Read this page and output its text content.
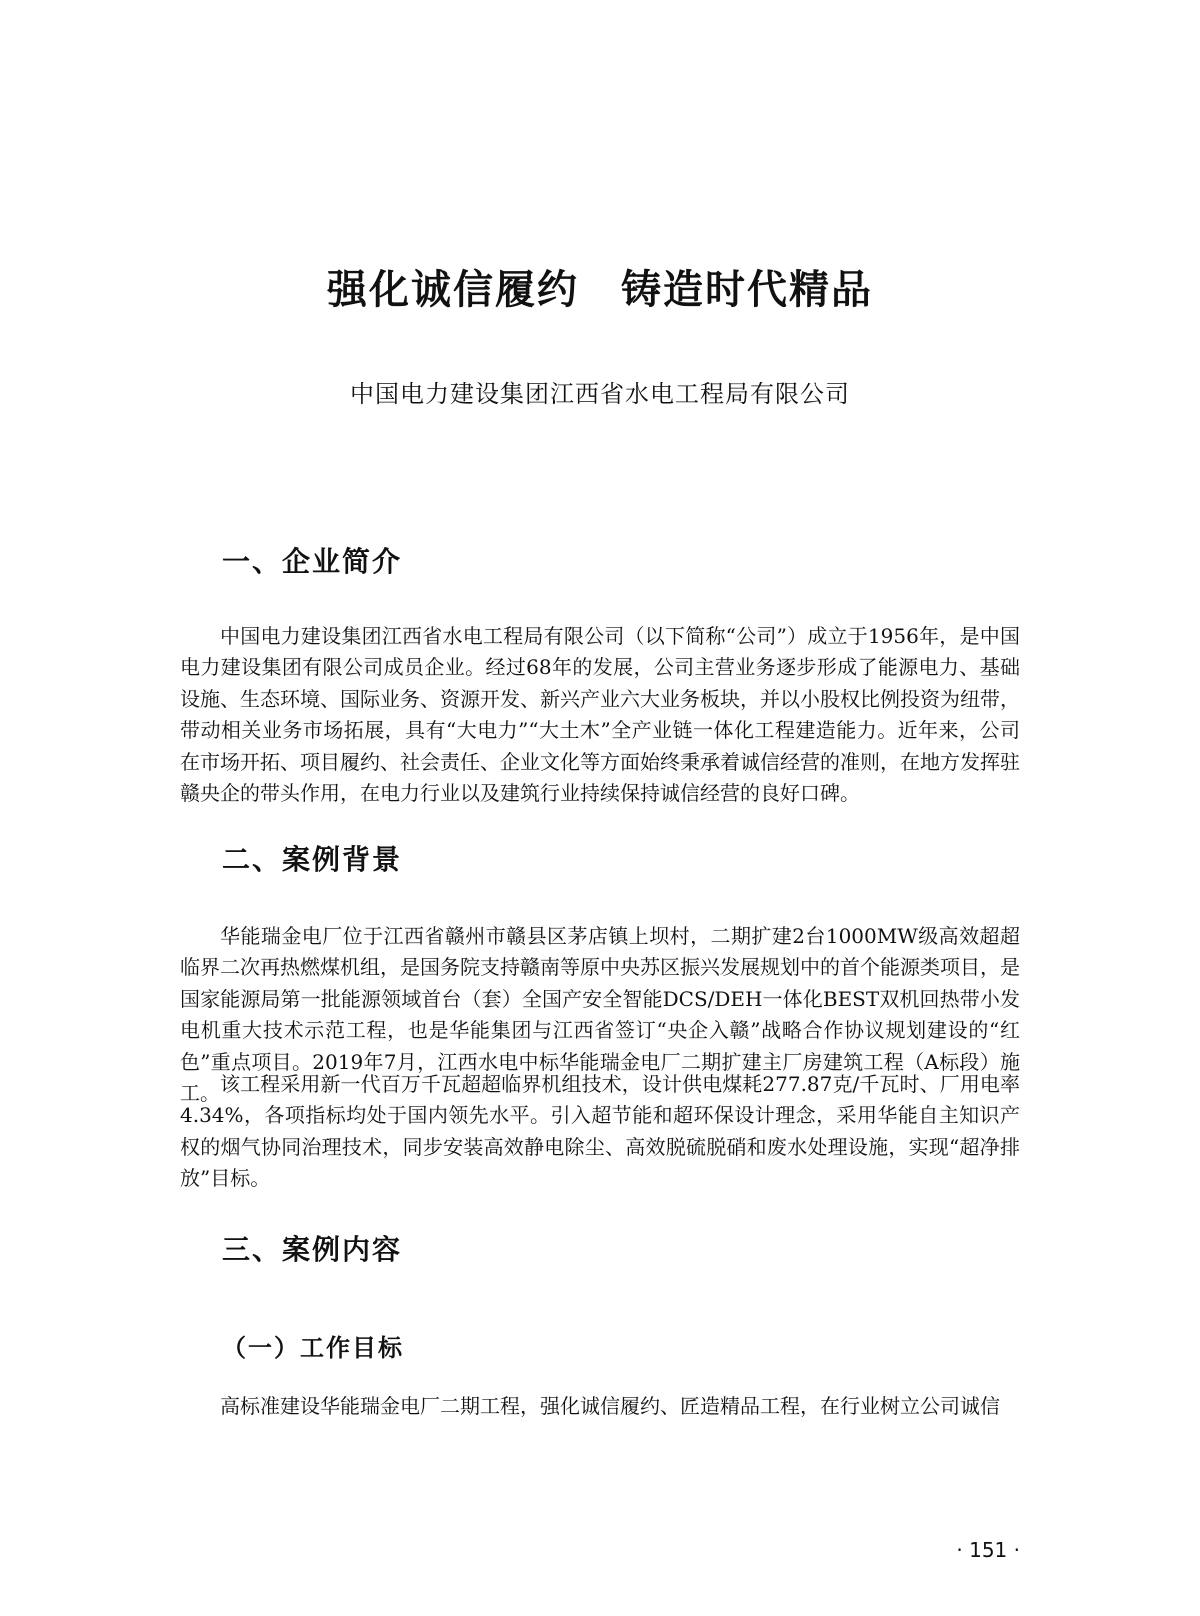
强化诚信履约　铸造时代精品

中国电力建设集团江西省水电工程局有限公司

一、企业简介

中国电力建设集团江西省水电工程局有限公司（以下简称“公司”）成立于1956年，是中国电力建设集团有限公司成员企业。经过68年的发展，公司主营业务逐步形成了能源电力、基础设施、生态环境、国际业务、资源开发、新兴产业六大业务板块，并以小股权比例投资为纽带，带动相关业务市场拓展，具有“大电力”“大土木”全产业链一体化工程建造能力。近年来，公司在市场开拓、项目履约、社会责任、企业文化等方面始终秉承着诚信经营的准则，在地方发挥驻赣央企的带头作用，在电力行业以及建筑行业持续保持诚信经营的良好口碑。

二、案例背景

华能瑞金电厂位于江西省赣州市赣县区茅店镇上坝村，二期扩建2台1000MW级高效超超临界二次再热燃煤机组，是国务院支持赣南等原中央苏区振兴发展规划中的首个能源类项目，是国家能源局第一批能源领域首台（套）全国产安全智能DCS/DEH一体化BEST双机回热带小发电机重大技术示范工程，也是华能集团与江西省签订“央企入赣”战略合作协议规划建设的“红色”重点项目。2019年7月，江西水电中标华能瑞金电厂二期扩建主厂房建筑工程（A标段）施工。 该工程采用新一代百万千瓦超超临界机组技术，设计供电煤耗277.87克/千瓦时、厂用电率4.34%，各项指标均处于国内领先水平。引入超节能和超环保设计理念，采用华能自主知识产权的烟气协同治理技术，同步安装高效静电除尘、高效脱硫脱硝和废水处理设施，实现“超净排放”目标。

三、案例内容
（一）工作目标

高标准建设华能瑞金电厂二期工程，强化诚信履约、匠造精品工程，在行业树立公司诚信

· 151 ·
